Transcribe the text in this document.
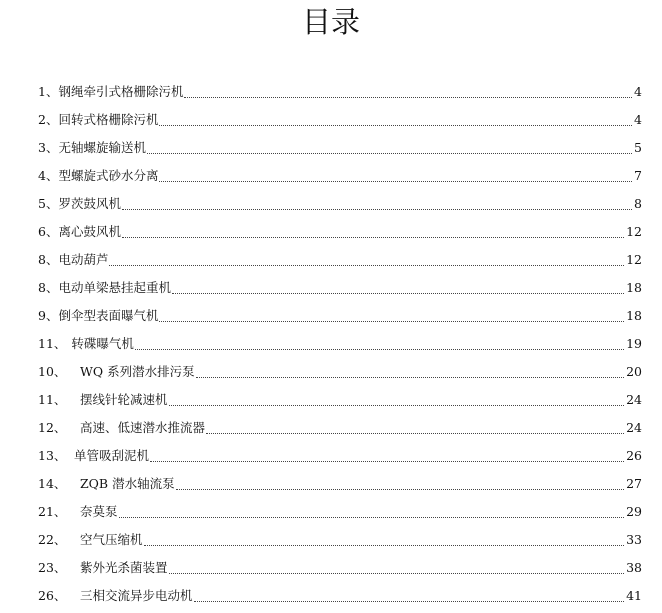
目录
1、 钢绳牵引式格栅除污机	4
2、 回转式格栅除污机	4
3、 无轴螺旋输送机	5
4、 型螺旋式砂水分离	7
5、 罗茨鼓风机	8
6、 离心鼓风机	12
8、 电动葫芦	12
8、 电动单梁悬挂起重机	18
9、 倒伞型表面曝气机	18
11、 转碟曝气机	19
10、	WQ 系列潜水排污泵	20
11、	摆线针轮减速机	24
12、	高速、低速潜水推流器	24
13、 单管吸刮泥机	26
14、	ZQB 潜水轴流泵	27
21、	奈莫泵	29
22、	空气压缩机	33
23、	紫外光杀菌装置	38
26、	三相交流异步电动机	41
